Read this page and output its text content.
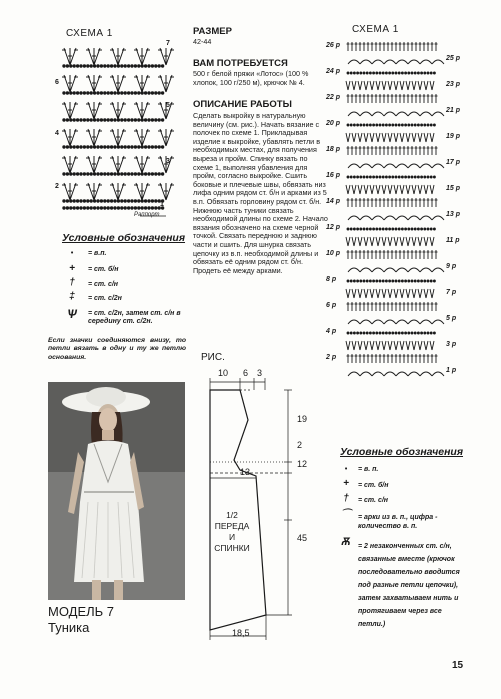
СХЕМА 1
7
5
3
6
4
2
1
Раппорт
Условные обозначения
•	= в.п.
+	= ст. б/н
†	= ст. с/н
‡	= ст. с/2н
Ѱ = ст. с/2н, затем ст. с/н в середину ст. с/2н.
Если значки соединяются внизу, то петли вязать в одну и ту же петлю основания.
РАЗМЕР
42-44
ВАМ ПОТРЕБУЕТСЯ
500 г белой пряжи «Лотос» (100 % хлопок, 100 г/250 м), крючок № 4.
ОПИСАНИЕ РАБОТЫ
Сделать выкройку в натуральную величину (см. рис.). Начать вязание с полочек по схеме 1. Прикладывая изделие к выкройке, убавлять петли в необходимых местах, для получения выреза и пройм. Спинку вязать по схеме 1, выполняя убавления для пройм, согласно выкройке. Сшить боковые и плечевые швы, обвязать низ лифа одним рядом ст. б/н и арками из 5 в.п. Обвязать горловину рядом ст. б/н. Нижнюю часть туники связать необходимой длины по схеме 2. Начало вязания обозначено на схеме черной точкой. Связать переднюю и заднюю части и сшить. Для шнурка связать цепочку из в.п. необходимой длины и обвязать её одним рядом ст. б/н. Продеть её между арками.
МОДЕЛЬ 7
Туника
РИС.
10 6 3
19
2
12
45
13
18,5
1/2
ПЕРЕДА
И
СПИНКИ
СХЕМА 1
26 р
24 р
22 р
20 р
18 р
16 р
14 р
12 р
10 р
8 р
6 р
4 р
2 р
25 р
23 р
21 р
19 р
17 р
15 р
13 р
11 р
9 р
7 р
5 р
3 р
1 р
Условные обозначения
•	= в. п.
+	= ст. б/н
†	= ст. с/н
⌒ = арки из в. п., цифра - количество в. п.
Ѫ = 2 незаконченных ст. с/н, связанные вместе (крючок последовательно вводится под разные петли цепочки), затем захватываем нить и протягиваем через все петли.)
15
